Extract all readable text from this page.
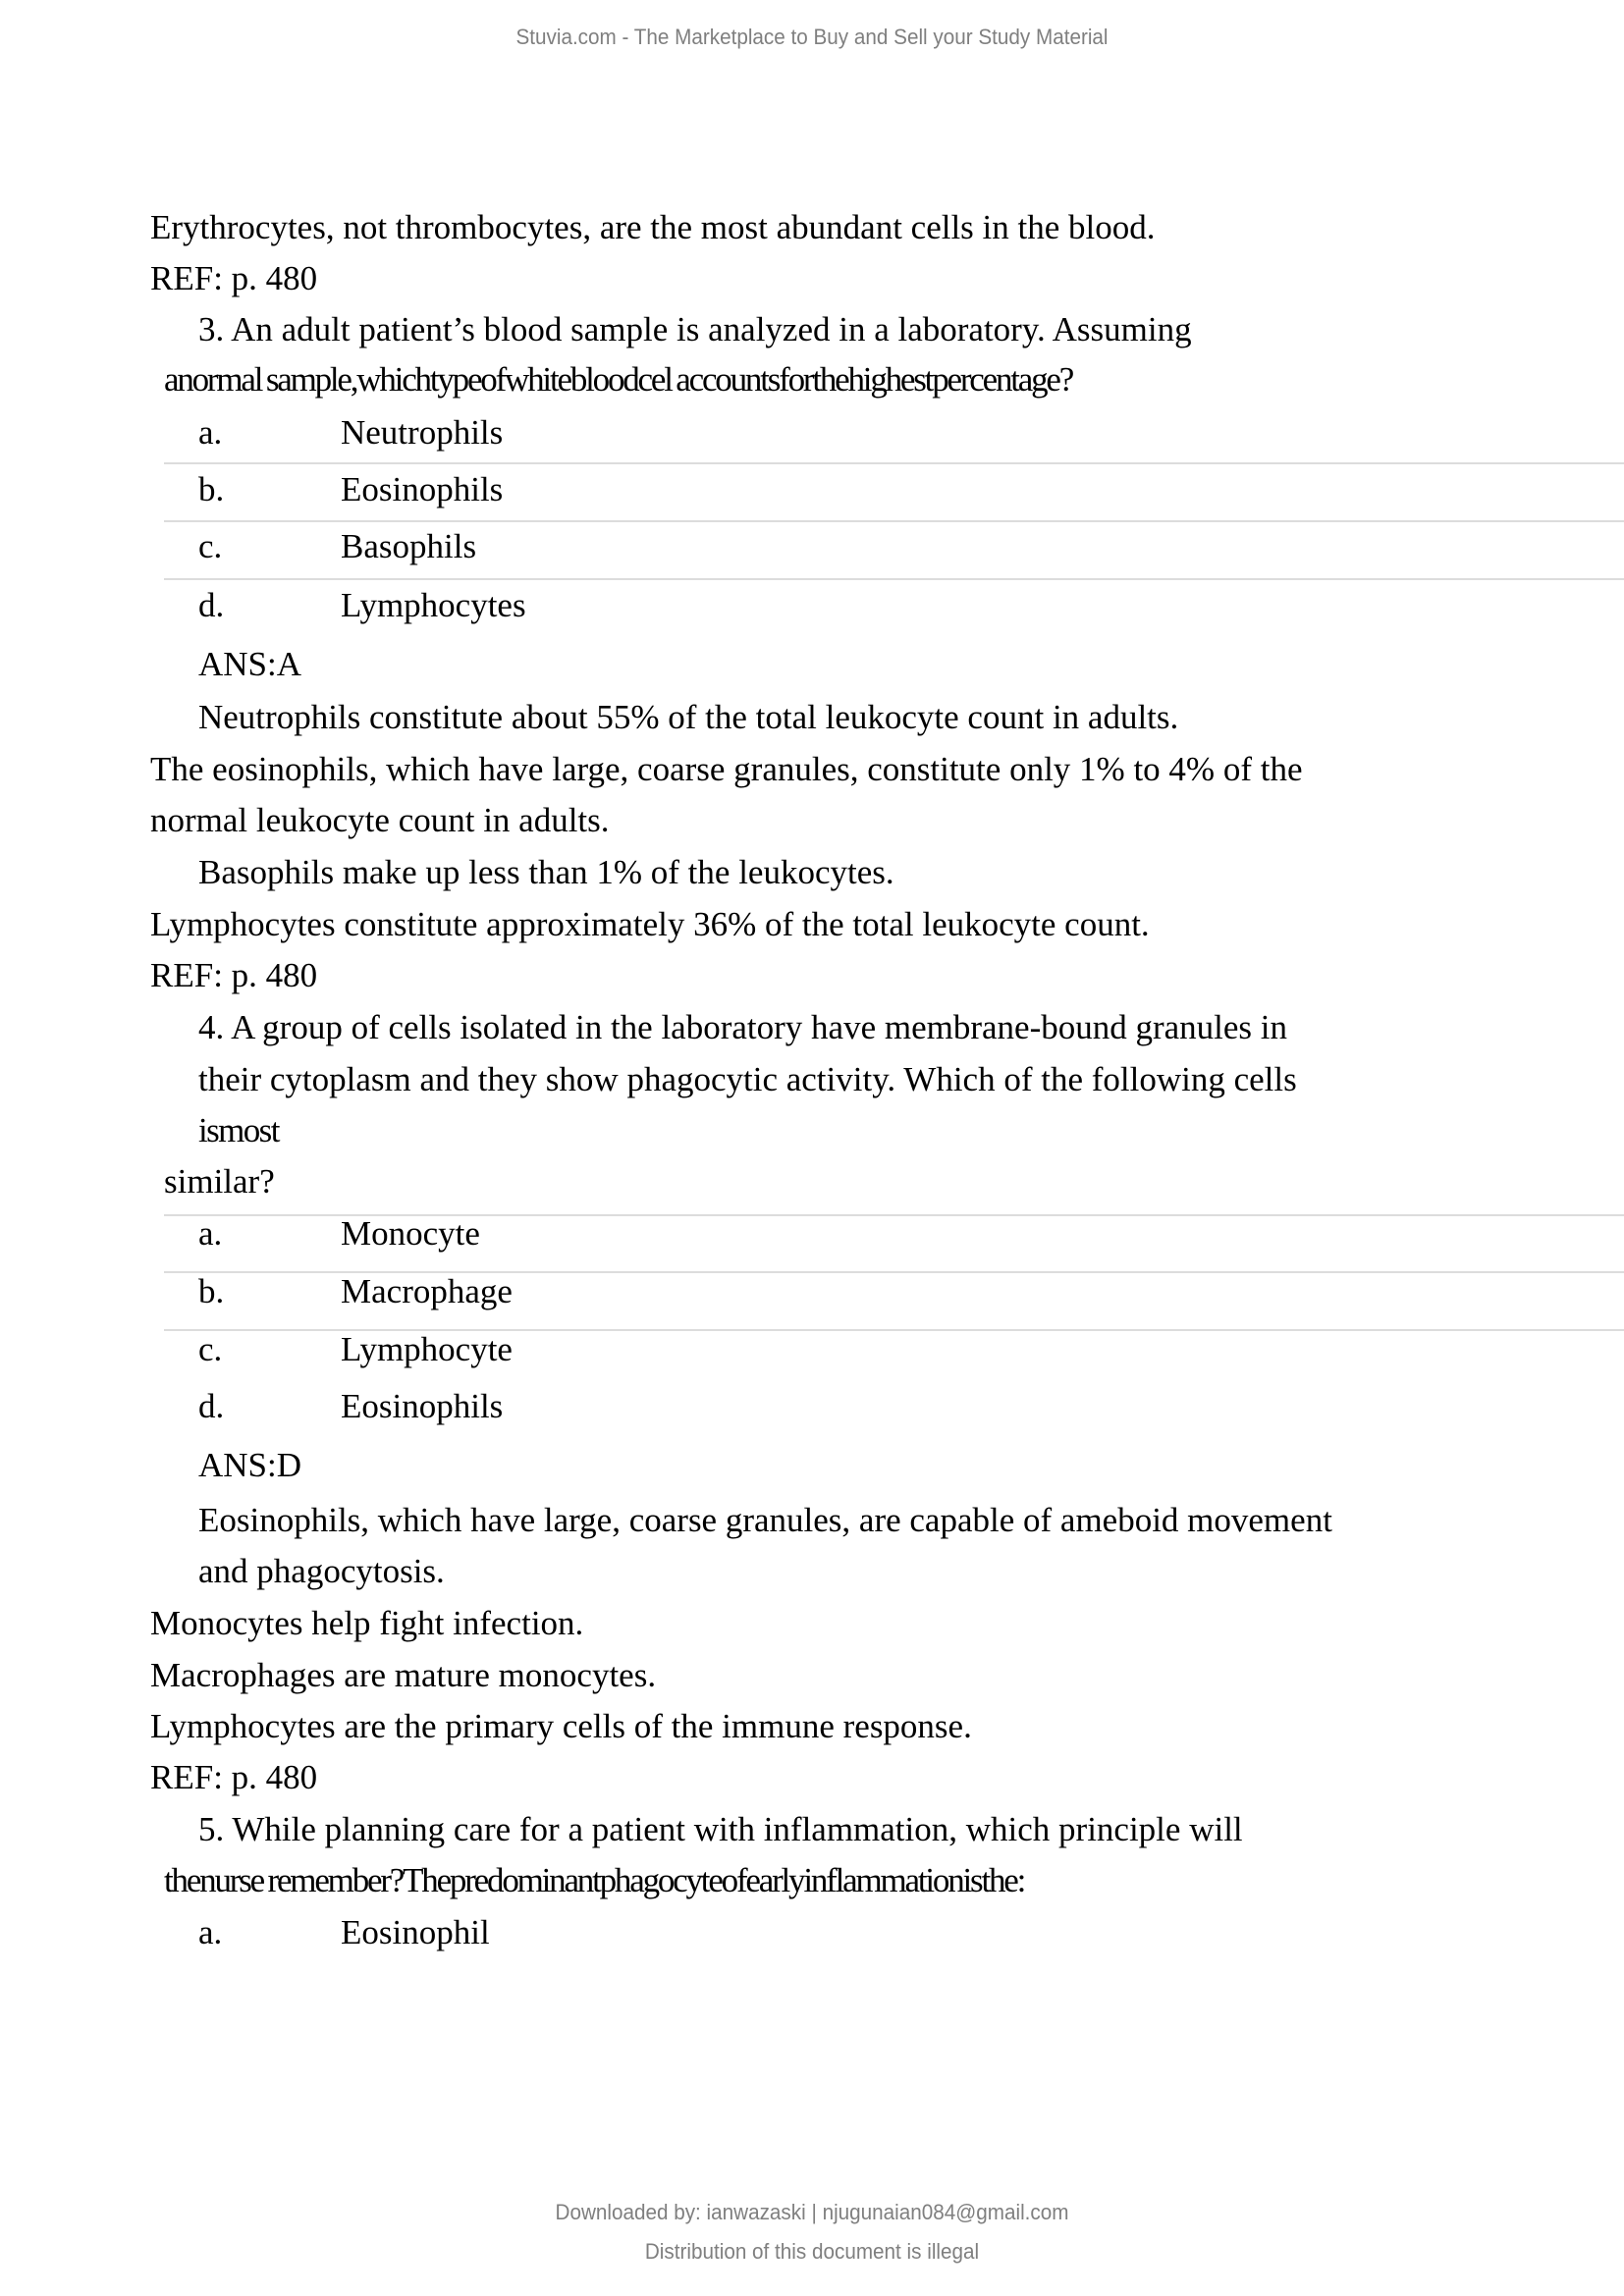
Stuvia.com - The Marketplace to Buy and Sell your Study Material

Erythrocytes, not thrombocytes, are the most abundant cells in the blood.

REF: p. 480

3. An adult patient’s blood sample is analyzed in a laboratory. Assuming

anormal sample,whichtypeofwhitebloodcel accountsforthehighestpercentage?

a.	Neutrophils
b.	Eosinophils
c.	Basophils
d.	Lymphocytes

ANS:A

Neutrophils constitute about 55% of the total leukocyte count in adults.

The eosinophils, which have large, coarse granules, constitute only 1% to 4% of the

normal leukocyte count in adults.

Basophils make up less than 1% of the leukocytes.

Lymphocytes constitute approximately 36% of the total leukocyte count.

REF: p. 480

4. A group of cells isolated in the laboratory have membrane-bound granules in

their cytoplasm and they show phagocytic activity. Which of the following cells

ismost

similar?

a.	Monocyte
b.	Macrophage
c.	Lymphocyte
d.	Eosinophils

ANS:D

Eosinophils, which have large, coarse granules, are capable of ameboid movement

and phagocytosis.

Monocytes help fight infection.

Macrophages are mature monocytes.

Lymphocytes are the primary cells of the immune response.

REF: p. 480

5. While planning care for a patient with inflammation, which principle will

thenurse remember?Thepredominantphagocyteofearlyinflammationisthe:

a.	Eosinophil
Downloaded by: ianwazaski | njugunaian084@gmail.com
Distribution of this document is illegal
